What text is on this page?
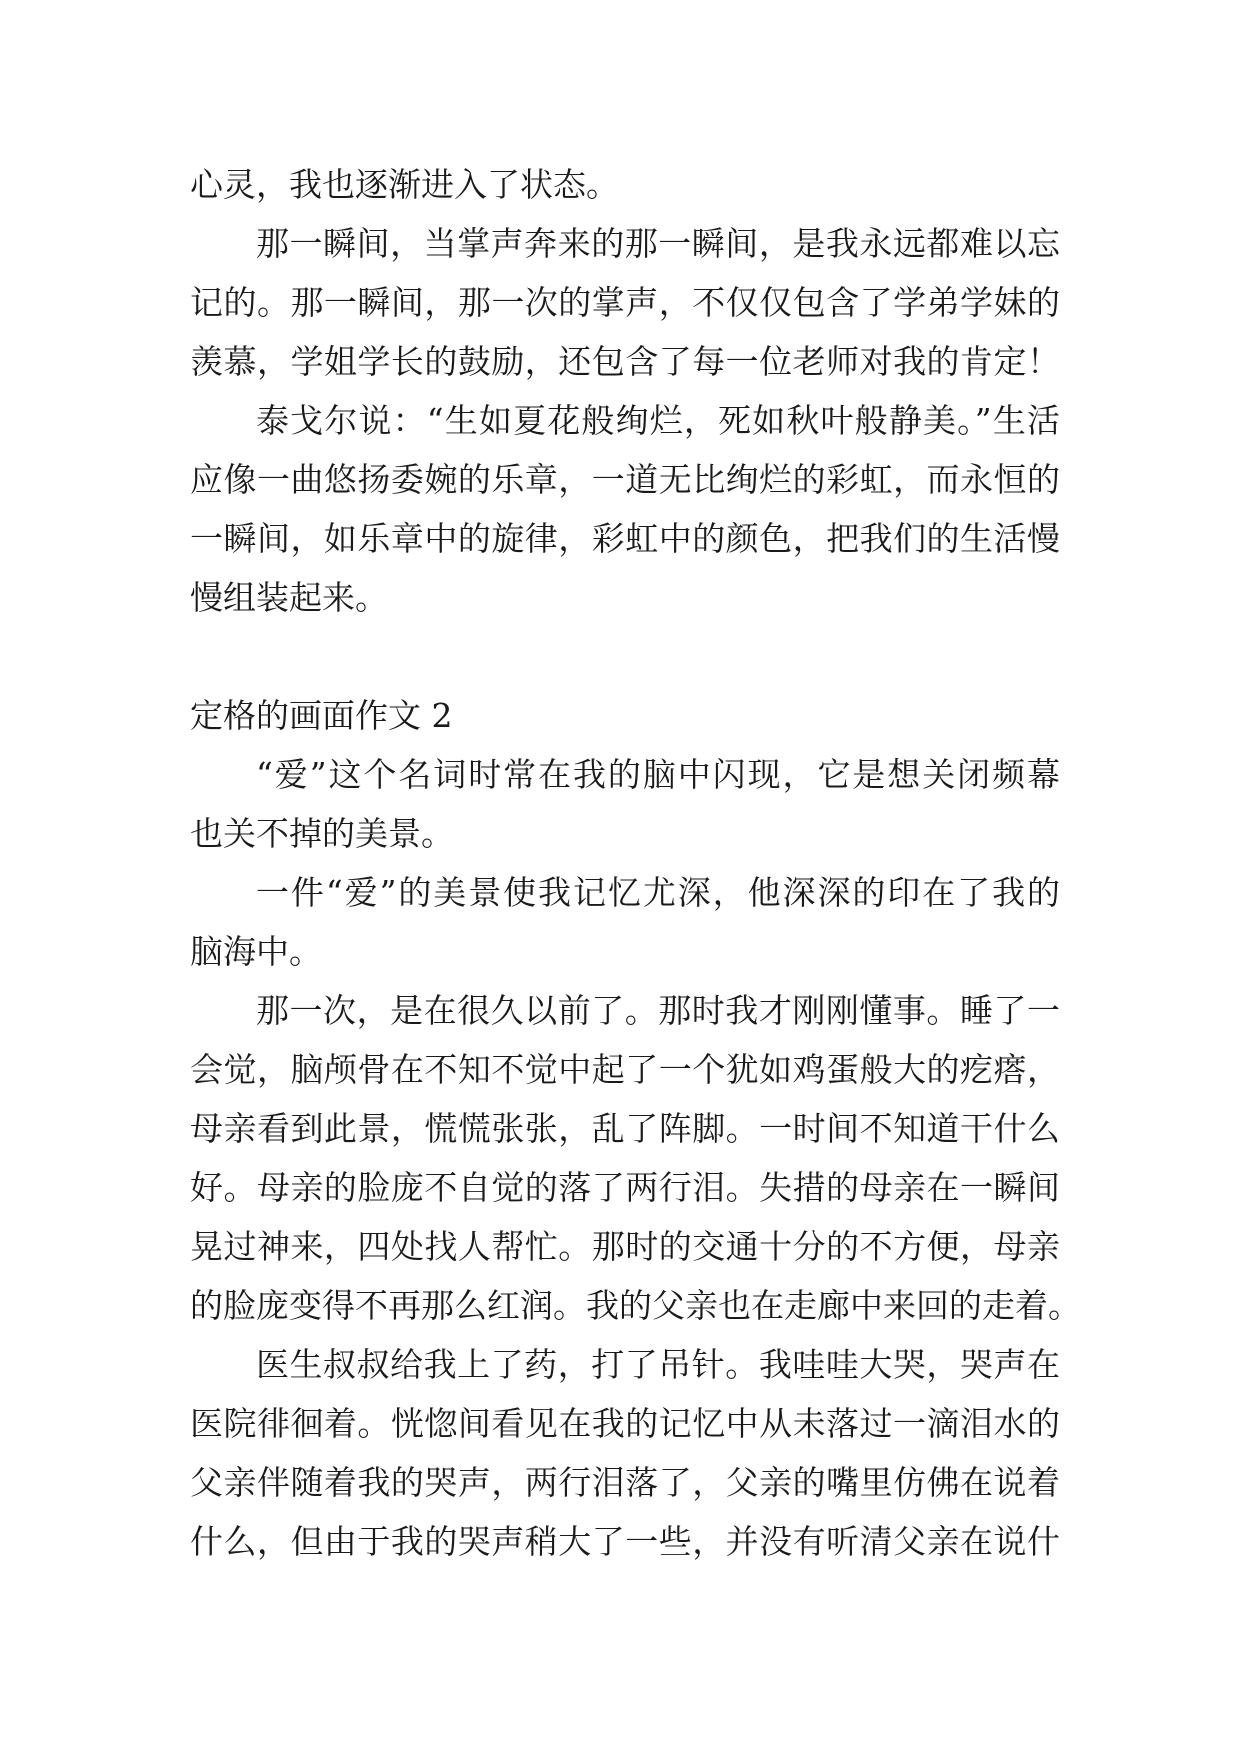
心灵，我也逐渐进入了状态。
那一瞬间，当掌声奔来的那一瞬间，是我永远都难以忘
记的。那一瞬间，那一次的掌声，不仅仅包含了学弟学妹的
羡慕，学姐学长的鼓励，还包含了每一位老师对我的肯定！
泰戈尔说：“生如夏花般绚烂，死如秋叶般静美。”生活
应像一曲悠扬委婉的乐章，一道无比绚烂的彩虹，而永恒的
一瞬间，如乐章中的旋律，彩虹中的颜色，把我们的生活慢
慢组装起来。
定格的画面作文 2
“爱”这个名词时常在我的脑中闪现，它是想关闭频幕
也关不掉的美景。
一件“爱”的美景使我记忆尤深，他深深的印在了我的
脑海中。
那一次，是在很久以前了。那时我才刚刚懂事。睡了一
会觉，脑颅骨在不知不觉中起了一个犹如鸡蛋般大的疙瘩，
母亲看到此景，慌慌张张，乱了阵脚。一时间不知道干什么
好。母亲的脸庞不自觉的落了两行泪。失措的母亲在一瞬间
晃过神来，四处找人帮忙。那时的交通十分的不方便，母亲
的脸庞变得不再那么红润。我的父亲也在走廊中来回的走着。
医生叔叔给我上了药，打了吊针。我哇哇大哭，哭声在
医院徘徊着。恍惚间看见在我的记忆中从未落过一滴泪水的
父亲伴随着我的哭声，两行泪落了，父亲的嘴里仿佛在说着
什么，但由于我的哭声稍大了一些，并没有听清父亲在说什
